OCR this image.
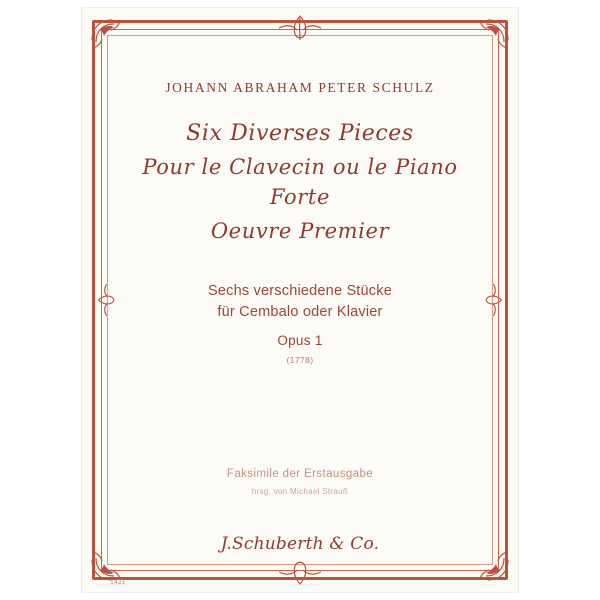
JOHANN ABRAHAM PETER SCHULZ
Six Diverses Pieces
Pour le Clavecin ou le Piano Forte
Oeuvre Premier
Sechs verschiedene Stücke
für Cembalo oder Klavier
Opus 1
(1778)
Faksimile der Erstausgabe
hrsg. von Michael Strauß
J.Schuberth & Co.
1421
